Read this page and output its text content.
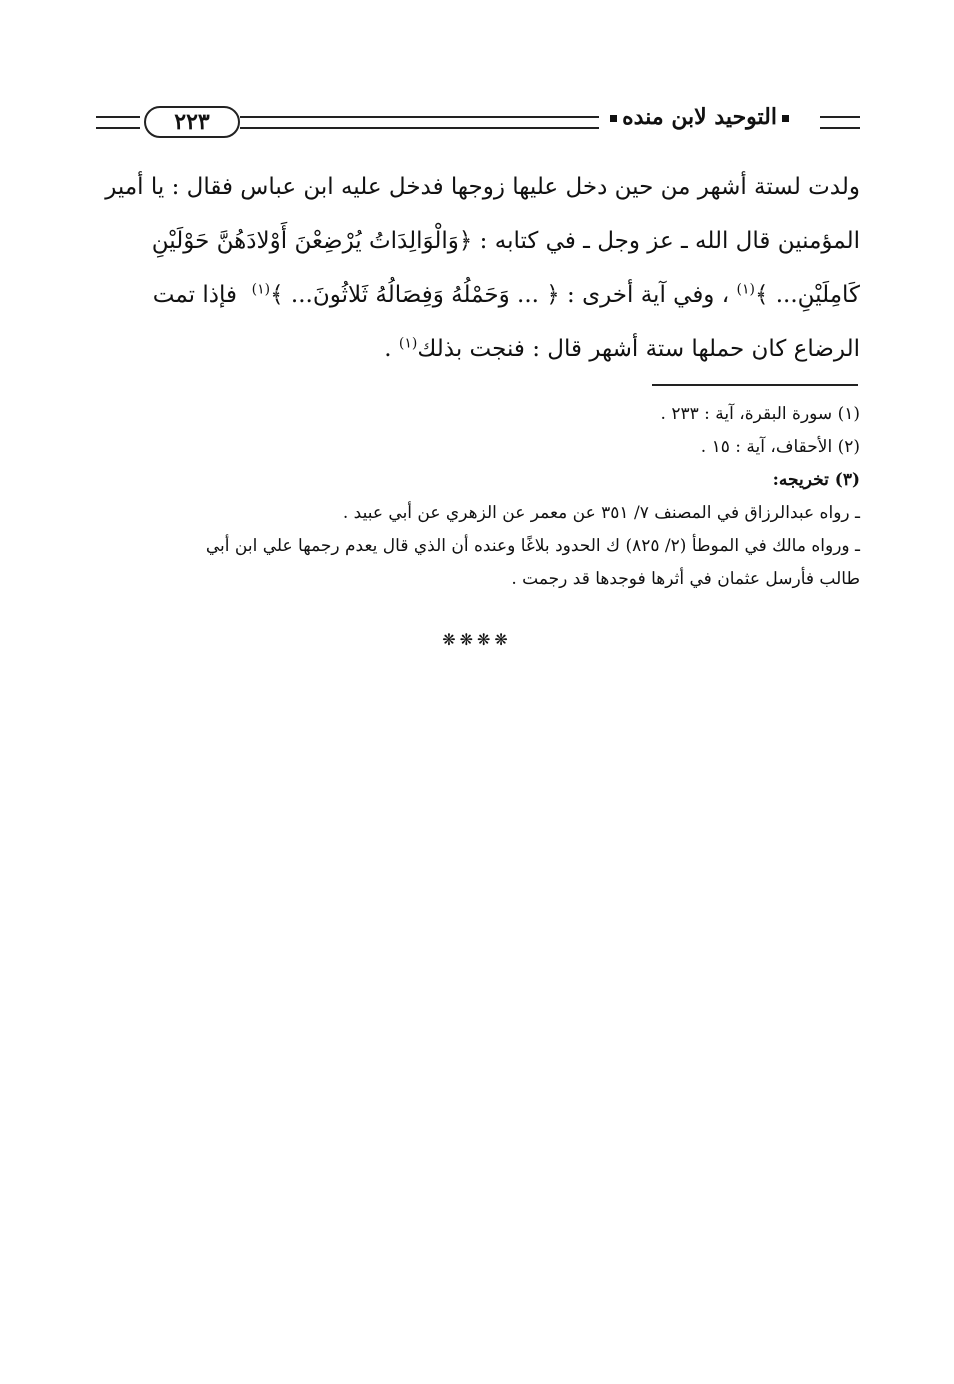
٢٢٣	التوحيد لابن منده
ولدت لستة أشهر من حين دخل عليها زوجها فدخل عليه ابن عباس فقال : يا أمير
المؤمنين قال الله ـ عز وجل ـ في كتابه : ﴿وَالْوَالِدَاتُ يُرْضِعْنَ أَوْلادَهُنَّ حَوْلَيْنِ
كَامِلَيْنِ... ﴾$^{(١)}$ ، وفي آية أخرى : ﴿ ... وَحَمْلُهُ وَفِصَالُهُ ثَلاثُونَ... ﴾$^{(١)}$  فإذا تمت
الرضاع كان حملها ستة أشهر قال : فنجت بذلك$^{(١)}$ .
(١) سورة البقرة، آية : ٢٣٣ .
(٢) الأحقاف، آية : ١٥ .
(٣) تخريجه:
ـ رواه عبدالرزاق في المصنف ٧/ ٣٥١ عن معمر عن الزهري عن أبي عبيد .
ـ ورواه مالك في الموطأ (٢/ ٨٢٥) ك الحدود بلاغًا وعنده أن الذي قال يعدم رجمها علي ابن أبي
طالب فأرسل عثمان في أثرها فوجدها قد رجمت .
❋❋❋❋
